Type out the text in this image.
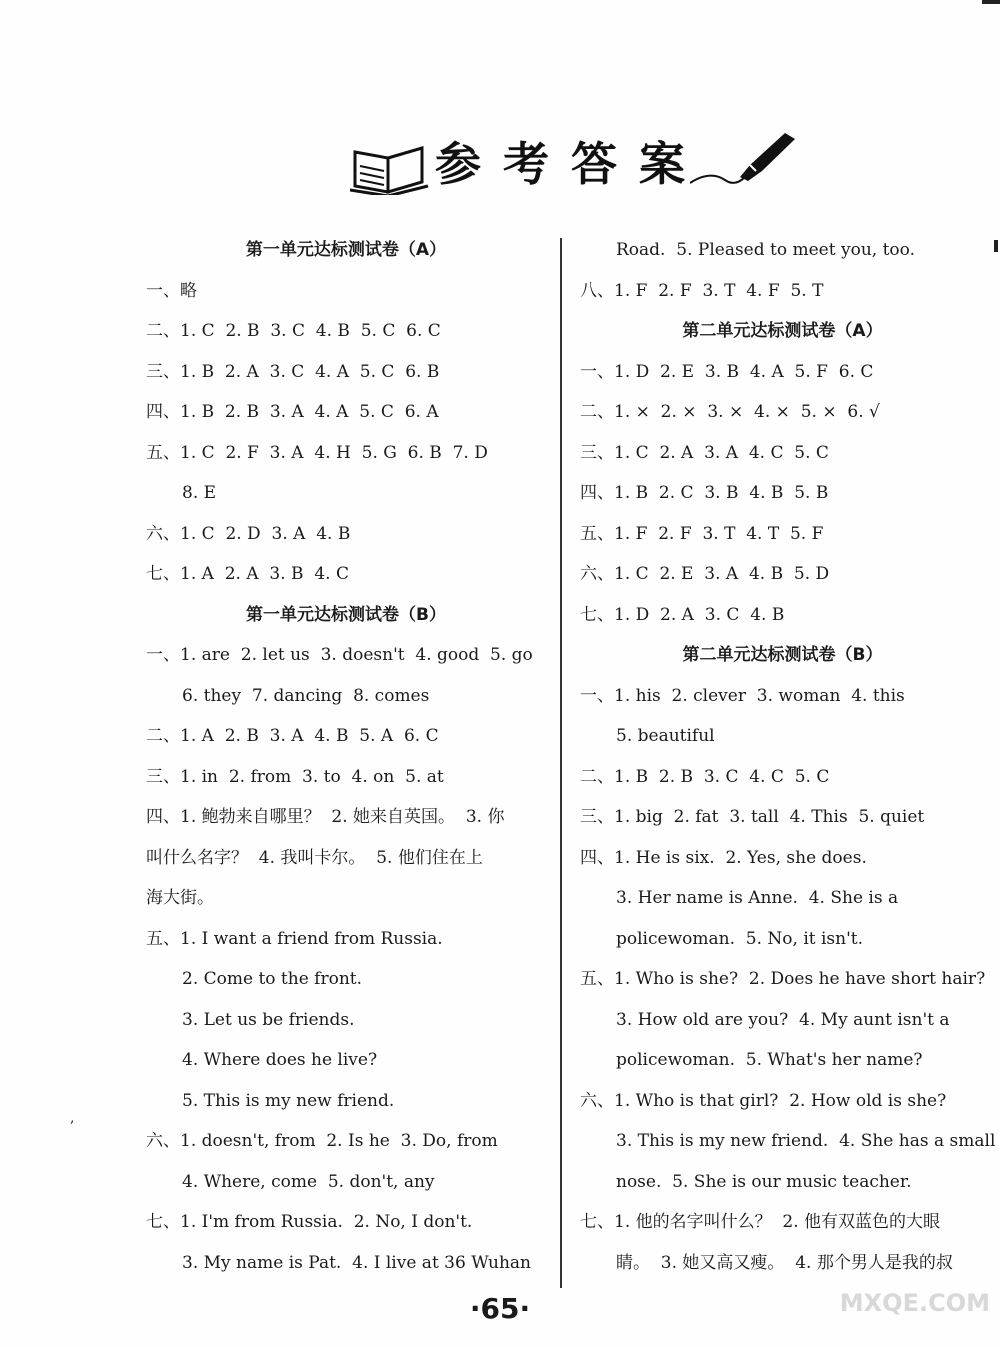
参考答案
第一单元达标测试卷（A）
一、略
二、1. C  2. B  3. C  4. B  5. C  6. C
三、1. B  2. A  3. C  4. A  5. C  6. B
四、1. B  2. B  3. A  4. A  5. C  6. A
五、1. C  2. F  3. A  4. H  5. G  6. B  7. D
8. E
六、1. C  2. D  3. A  4. B
七、1. A  2. A  3. B  4. C
第一单元达标测试卷（B）
一、1. are  2. let us  3. doesn't  4. good  5. go
6. they  7. dancing  8. comes
二、1. A  2. B  3. A  4. B  5. A  6. C
三、1. in  2. from  3. to  4. on  5. at
四、1. 鲍勃来自哪里？  2. 她来自英国。  3. 你
叫什么名字？  4. 我叫卡尔。  5. 他们住在上
海大街。
五、1. I want a friend from Russia.
2. Come to the front.
3. Let us be friends.
4. Where does he live?
5. This is my new friend.
六、1. doesn't, from  2. Is he  3. Do, from
4. Where, come  5. don't, any
七、1. I'm from Russia.  2. No, I don't.
3. My name is Pat.  4. I live at 36 Wuhan
Road.  5. Pleased to meet you, too.
八、1. F  2. F  3. T  4. F  5. T
第二单元达标测试卷（A）
一、1. D  2. E  3. B  4. A  5. F  6. C
二、1. ×  2. ×  3. ×  4. ×  5. ×  6. √
三、1. C  2. A  3. A  4. C  5. C
四、1. B  2. C  3. B  4. B  5. B
五、1. F  2. F  3. T  4. T  5. F
六、1. C  2. E  3. A  4. B  5. D
七、1. D  2. A  3. C  4. B
第二单元达标测试卷（B）
一、1. his  2. clever  3. woman  4. this
5. beautiful
二、1. B  2. B  3. C  4. C  5. C
三、1. big  2. fat  3. tall  4. This  5. quiet
四、1. He is six.  2. Yes, she does.
3. Her name is Anne.  4. She is a
policewoman.  5. No, it isn't.
五、1. Who is she?  2. Does he have short hair?
3. How old are you?  4. My aunt isn't a
policewoman.  5. What's her name?
六、1. Who is that girl?  2. How old is she?
3. This is my new friend.  4. She has a small
nose.  5. She is our music teacher.
七、1. 他的名字叫什么？  2. 他有双蓝色的大眼
睛。  3. 她又高又瘦。  4. 那个男人是我的叔
,
·65·	MXQE.COM
